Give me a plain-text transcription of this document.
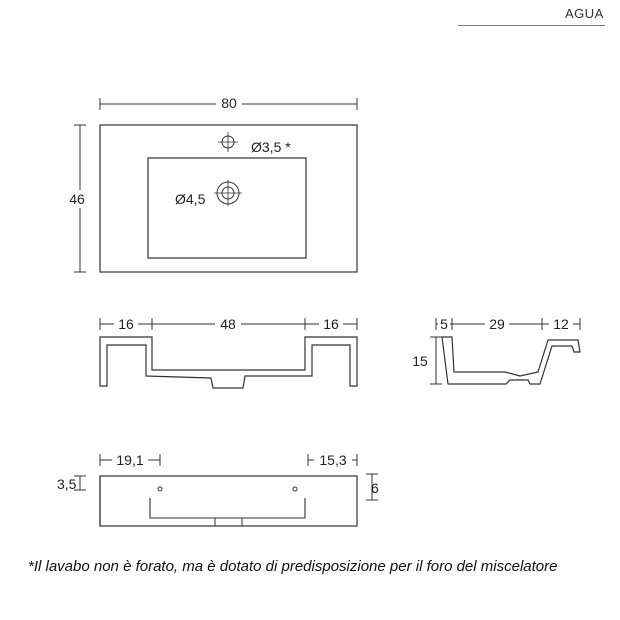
AGUA
80
46
Ø3,5 *
Ø4,5
16	48	16	5	29	12
15
19,1	15,3
3,5	6
*Il lavabo non è forato, ma è dotato di predisposizione per il foro del miscelatore
